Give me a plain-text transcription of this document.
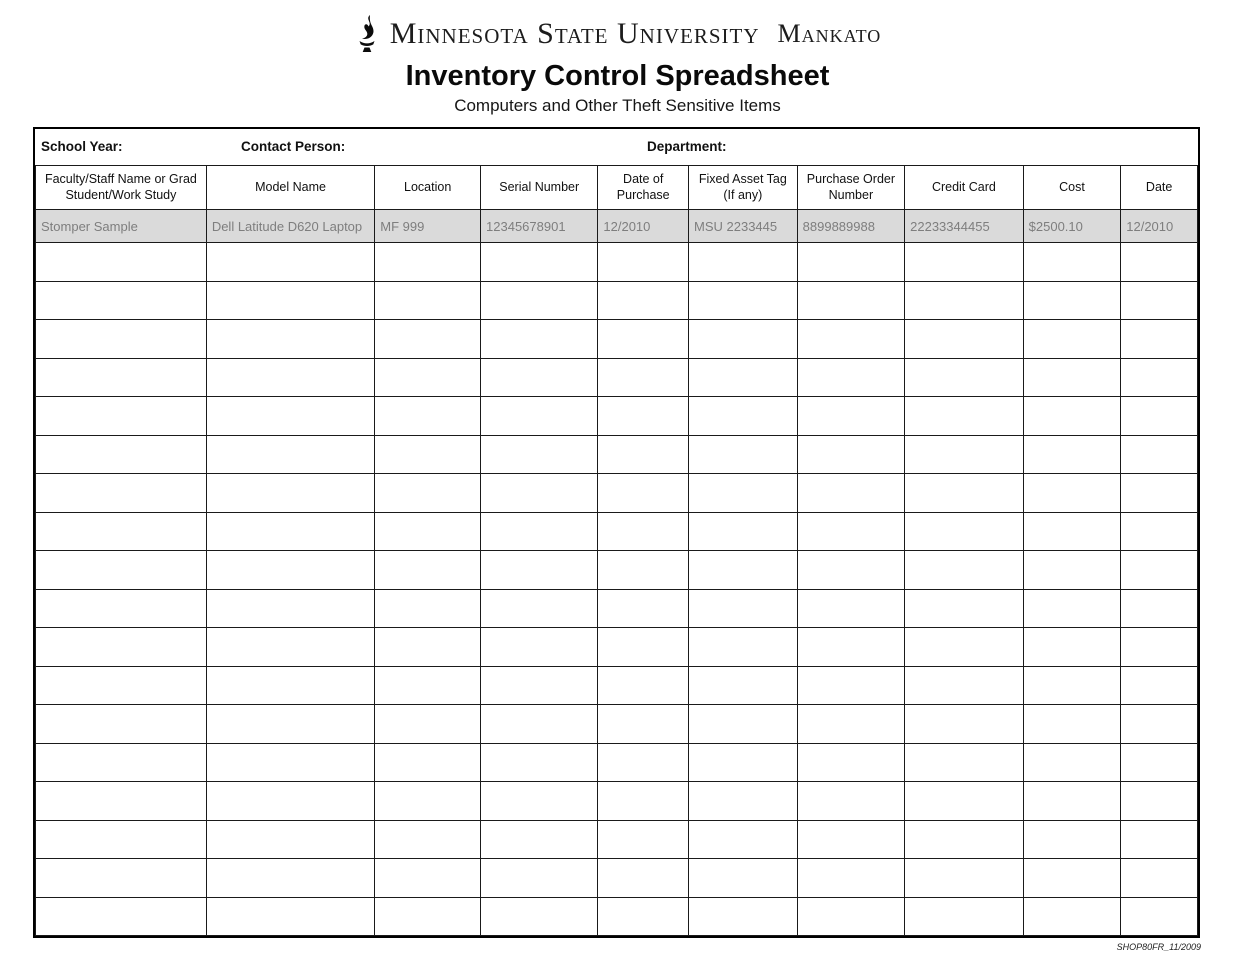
Minnesota State University Mankato
Inventory Control Spreadsheet
Computers and Other Theft Sensitive Items
School Year:	Contact Person:	Department:
Faculty/Staff Name or Grad Student/Work Study	Model Name	Location	Serial Number	Date of Purchase	Fixed Asset Tag (If any)	Purchase Order Number	Credit Card	Cost	Date
Stomper Sample	Dell Latitude D620 Laptop	MF 999	12345678901	12/2010	MSU 2233445	8899889988	22233344455	$2500.10	12/2010

SHOP80FR_11/2009
